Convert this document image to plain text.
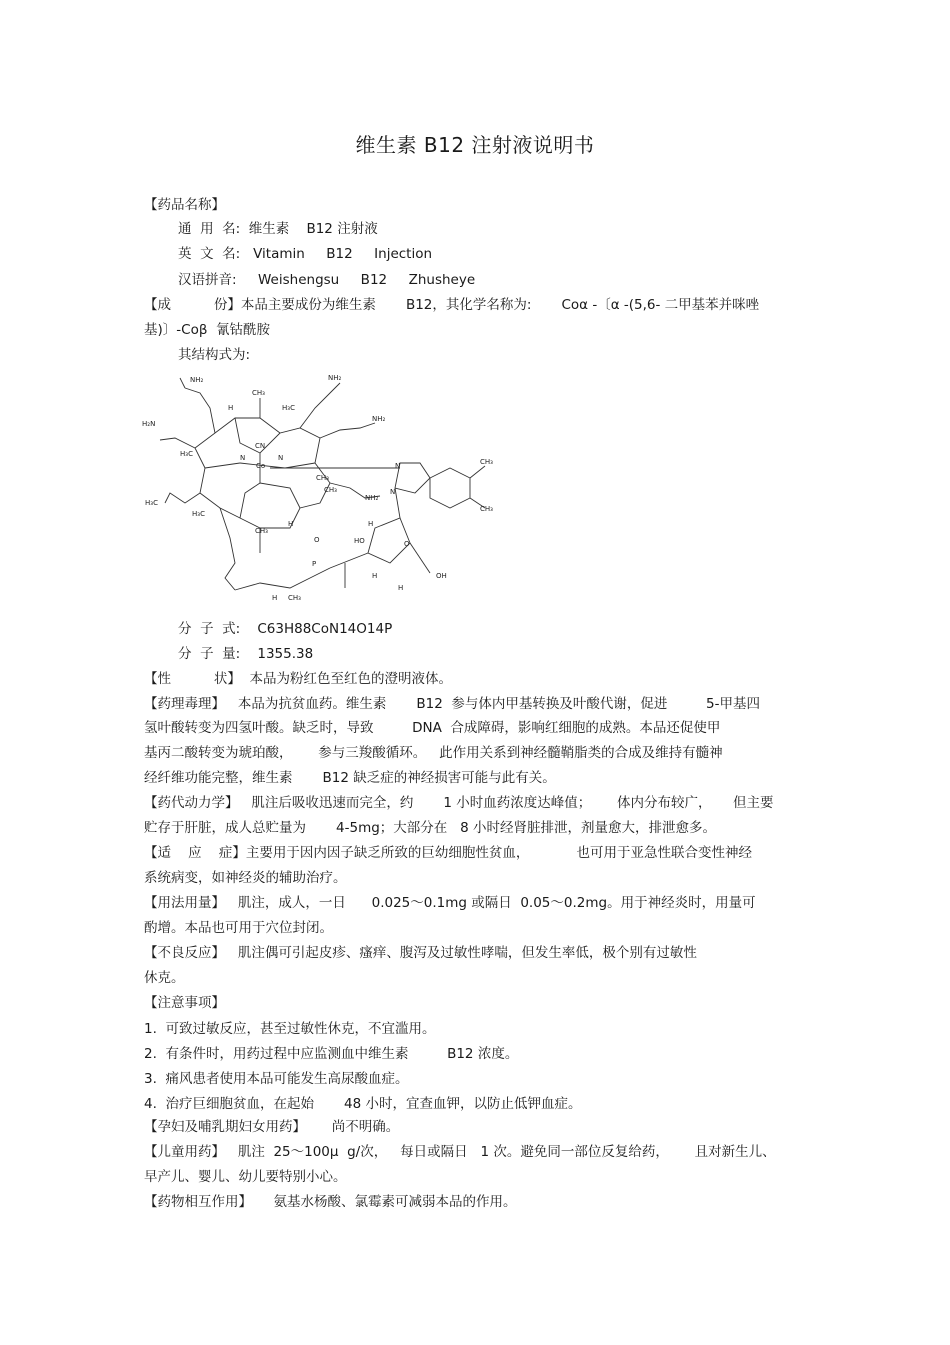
维生素 B12 注射液说明书
【药品名称】
通  用  名:  维生素    B12 注射液
英  文  名:   Vitamin     B12     Injection
汉语拼音:     Weishengsu     B12     Zhusheye
【成          份】本品主要成份为维生素       B12，其化学名称为:       Coα -〔α -(5,6- 二甲基苯并咪唑
基)〕-Coβ  氰钴酰胺
其结构式为:
NH₂
H₂N
H₃C
H
CH₃
NH₂
H₃C
NH₂
CN
Co
N	N
N
N
CH₃
CH₃
CH₃
CH₃
H₃C
H₃C
NH₂
CH₃
H
O
P
O
HO
OH
H
H
H
CH₃
H
分  子  式:    C63H88CoN14O14P
分  子  量:    1355.38
【性          状】  本品为粉红色至红色的澄明液体。
【药理毒理】   本品为抗贫血药。维生素       B12  参与体内甲基转换及叶酸代谢，促进         5-甲基四
氢叶酸转变为四氢叶酸。缺乏时，导致         DNA  合成障碍，影响红细胞的成熟。本品还促使甲
基丙二酸转变为琥珀酸，      参与三羧酸循环。   此作用关系到神经髓鞘脂类的合成及维持有髓神
经纤维功能完整，维生素       B12 缺乏症的神经损害可能与此有关。
【药代动力学】   肌注后吸收迅速而完全，约       1 小时血药浓度达峰值；      体内分布较广，     但主要
贮存于肝脏，成人总贮量为       4-5mg；大部分在   8 小时经肾脏排泄，剂量愈大，排泄愈多。
【适    应    症】主要用于因内因子缺乏所致的巨幼细胞性贫血，           也可用于亚急性联合变性神经
系统病变，如神经炎的辅助治疗。
【用法用量】   肌注，成人，一日      0.025～0.1mg 或隔日  0.05～0.2mg。用于神经炎时，用量可
酌增。本品也可用于穴位封闭。
【不良反应】   肌注偶可引起皮疹、瘙痒、腹泻及过敏性哮喘，但发生率低，极个别有过敏性
休克。
【注意事项】
1.  可致过敏反应，甚至过敏性休克，不宜滥用。
2.  有条件时，用药过程中应监测血中维生素         B12 浓度。
3.  痛风患者使用本品可能发生高尿酸血症。
4.  治疗巨细胞贫血，在起始       48 小时，宜查血钾，以防止低钾血症。
【孕妇及哺乳期妇女用药】      尚不明确。
【儿童用药】   肌注  25～100μ  g/次，   每日或隔日   1 次。避免同一部位反复给药，      且对新生儿、
早产儿、婴儿、幼儿要特别小心。
【药物相互作用】     氨基水杨酸、氯霉素可减弱本品的作用。
